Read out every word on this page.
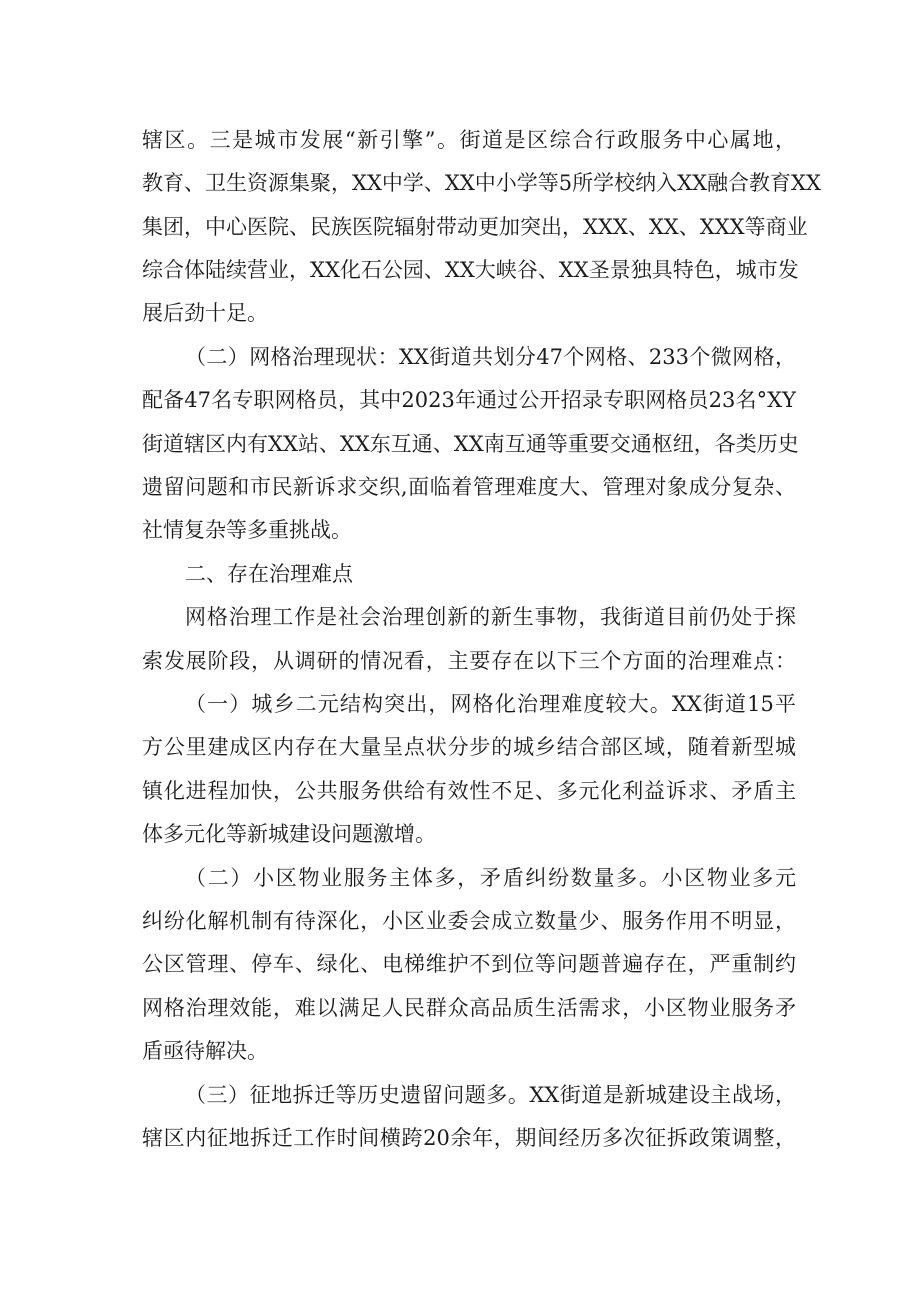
辖区。三是城市发展“新引擎”。街道是区综合行政服务中心属地，
教育、卫生资源集聚，XX中学、XX中小学等5所学校纳入XX融合教育XX
集团，中心医院、民族医院辐射带动更加突出，XXX、XX、XXX等商业
综合体陆续营业，XX化石公园、XX大峡谷、XX圣景独具特色，城市发
展后劲十足。
（二）网格治理现状：XX街道共划分47个网格、233个微网格，
配备47名专职网格员，其中2023年通过公开招录专职网格员23名°XY
街道辖区内有XX站、XX东互通、XX南互通等重要交通枢纽，各类历史
遗留问题和市民新诉求交织,面临着管理难度大、管理对象成分复杂、
社情复杂等多重挑战。
二、存在治理难点
网格治理工作是社会治理创新的新生事物，我街道目前仍处于探
索发展阶段，从调研的情况看，主要存在以下三个方面的治理难点：
（一）城乡二元结构突出，网格化治理难度较大。XX街道15平
方公里建成区内存在大量呈点状分步的城乡结合部区域，随着新型城
镇化进程加快，公共服务供给有效性不足、多元化利益诉求、矛盾主
体多元化等新城建设问题激增。
（二）小区物业服务主体多，矛盾纠纷数量多。小区物业多元
纠纷化解机制有待深化，小区业委会成立数量少、服务作用不明显，
公区管理、停车、绿化、电梯维护不到位等问题普遍存在，严重制约
网格治理效能，难以满足人民群众高品质生活需求，小区物业服务矛
盾亟待解决。
（三）征地拆迁等历史遗留问题多。XX街道是新城建设主战场，
辖区内征地拆迁工作时间横跨20余年，期间经历多次征拆政策调整，
